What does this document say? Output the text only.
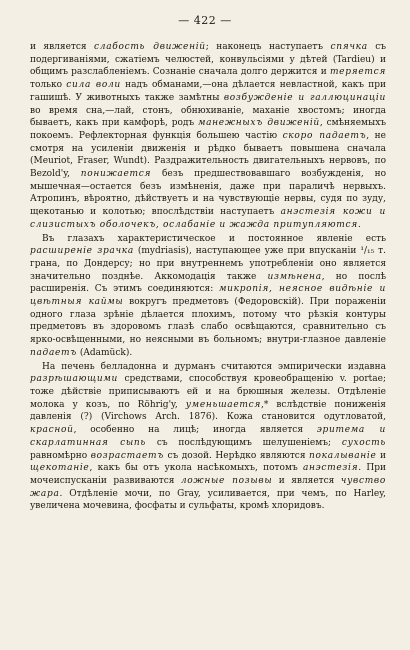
— 422 —

и является слабость движеній; наконецъ наступаетъ спячка съ подергиваніями, сжатіемъ челюстей, конвульсіями у дѣтей (Tardieu) и общимъ разслабленіемъ. Сознаніе сначала долго держится и теряется только сила воли надъ обманами,—она дѣлается невластной, какъ при гашишѣ. У животныхъ также замѣтны возбужденіе и галлюцинаціи во время сна,—лай, стонъ, обнюхиваніе, маханіе хвостомъ; иногда бываетъ, какъ при камфорѣ, родъ манежныхъ движеній, смѣняемыхъ покоемъ. Рефлекторная функція большею частію скоро падаетъ, не смотря на усиленіи движенія и рѣдко бываетъ повышена сначала (Meuriot, Fraser, Wundt). Раздражительность двигательныхъ нервовъ, по Bezold'y, понижается безъ предшествовавшаго возбужденія, но мышечная—остается безъ измѣненія, даже при параличѣ нервыхъ. Атропинъ, вѣроятно, дѣйствуетъ и на чувствующіе нервы, судя по зуду, щекотанью и колотью; впослѣдствіи наступаетъ анэстезія кожи и слизистыхъ оболочекъ, ослабаніе и жажда притупляются.

Въ глазахъ характеристическое и постоянное явленіе есть расширеніе зрачка (mydriasis), наступающее уже при впусканіи ¹/₁₅ т. грана, по Дондерсу; но при внутреннемъ употребленіи оно является значительно позднѣе. Аккомодація также измѣнена, но послѣ расширенія. Съ этимъ соединяются: микропія, неясное видѣніе и цвѣтныя каймы вокругъ предметовъ (Федоровскій). При пораженіи одного глаза зрѣніе дѣлается плохимъ, потому что рѣзкія контуры предметовъ въ здоровомъ глазѣ слабо освѣщаются, сравнительно съ ярко-освѣщенными, но неясными въ больномъ; внутри-глазное давленіе падаетъ (Adamück).

На печень белладонна и дурманъ считаются эмпирически издавна разрѣшающими средствами, способствуя кровеобращенію v. portae; тоже дѣйствіе приписываютъ ей и на брюшныя железы. Отдѣленіе молока у козъ, по Röhrig'y, уменьшается,* вслѣдствіе пониженія давленія (?) (Virchows Arch. 1876). Кожа становится одутловатой, красной, особенно на лицѣ; иногда является эритема и скарлатинная сыпь съ послѣдующимъ шелушеніемъ; сухость равномѣрно возрастаетъ съ дозой. Нерѣдко являются покалываніе и щекотаніе, какъ бы отъ укола насѣкомыхъ, потомъ анэстезія. При мочеиспусканіи развиваются ложные позывы и является чувство жара. Отдѣленіе мочи, по Gray, усиливается, при чемъ, по Harley, увеличена мочевина, фосфаты и сульфаты, кромѣ хлоридовъ.
